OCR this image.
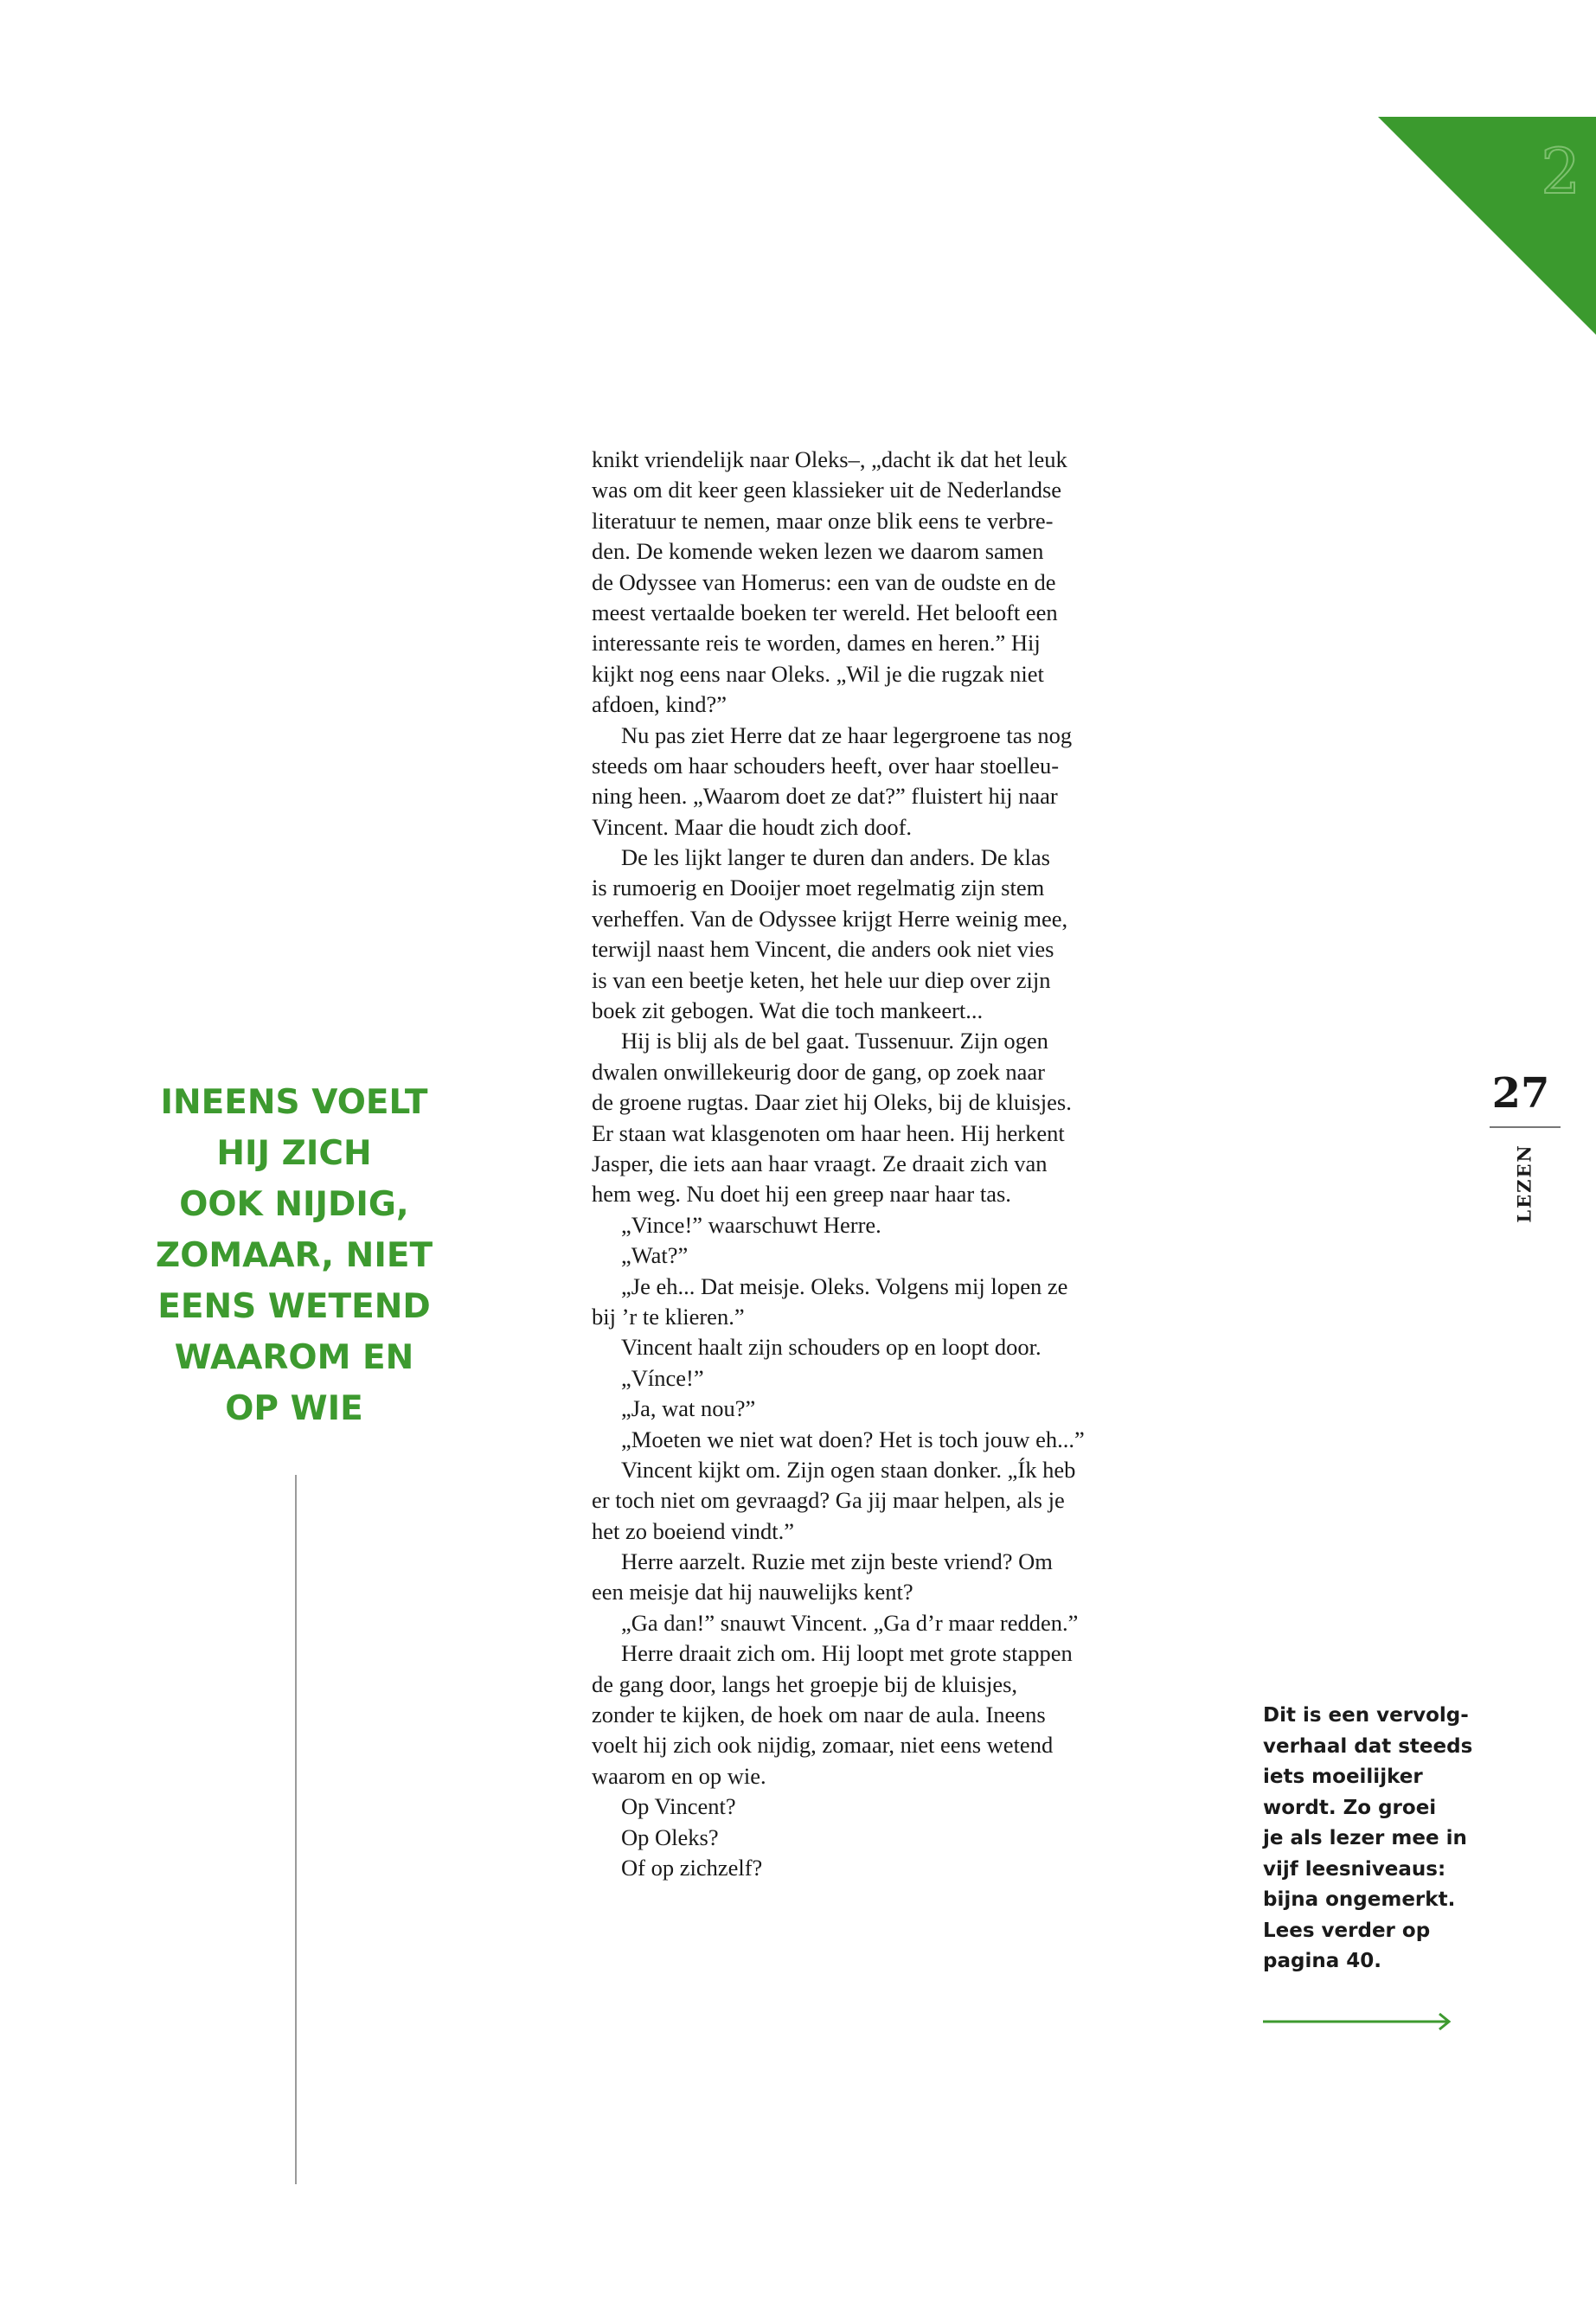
2
INEENS VOELT
HIJ ZICH
OOK NIJDIG,
ZOMAAR, NIET
EENS WETEND
WAAROM EN
OP WIE
knikt vriendelijk naar Oleks–, „dacht ik dat het leuk
was om dit keer geen klassieker uit de Nederlandse
literatuur te nemen, maar onze blik eens te verbre-
den. De komende weken lezen we daarom samen
de Odyssee van Homerus: een van de oudste en de
meest vertaalde boeken ter wereld. Het belooft een
interessante reis te worden, dames en heren.” Hij
kijkt nog eens naar Oleks. „Wil je die rugzak niet
afdoen, kind?”
Nu pas ziet Herre dat ze haar legergroene tas nog
steeds om haar schouders heeft, over haar stoelleu-
ning heen. „Waarom doet ze dat?” fluistert hij naar
Vincent. Maar die houdt zich doof.
De les lijkt langer te duren dan anders. De klas
is rumoerig en Dooijer moet regelmatig zijn stem
verheffen. Van de Odyssee krijgt Herre weinig mee,
terwijl naast hem Vincent, die anders ook niet vies
is van een beetje keten, het hele uur diep over zijn
boek zit gebogen. Wat die toch mankeert...
Hij is blij als de bel gaat. Tussenuur. Zijn ogen
dwalen onwillekeurig door de gang, op zoek naar
de groene rugtas. Daar ziet hij Oleks, bij de kluisjes.
Er staan wat klasgenoten om haar heen. Hij herkent
Jasper, die iets aan haar vraagt. Ze draait zich van
hem weg. Nu doet hij een greep naar haar tas.
„Vince!” waarschuwt Herre.
„Wat?”
„Je eh... Dat meisje. Oleks. Volgens mij lopen ze
bij ’r te klieren.”
Vincent haalt zijn schouders op en loopt door.
„Vínce!”
„Ja, wat nou?”
„Moeten we niet wat doen? Het is toch jouw eh...”
Vincent kijkt om. Zijn ogen staan donker. „Ík heb
er toch niet om gevraagd? Ga jij maar helpen, als je
het zo boeiend vindt.”
Herre aarzelt. Ruzie met zijn beste vriend? Om
een meisje dat hij nauwelijks kent?
„Ga dan!” snauwt Vincent. „Ga d’r maar redden.”
Herre draait zich om. Hij loopt met grote stappen
de gang door, langs het groepje bij de kluisjes,
zonder te kijken, de hoek om naar de aula. Ineens
voelt hij zich ook nijdig, zomaar, niet eens wetend
waarom en op wie.
Op Vincent?
Op Oleks?
Of op zichzelf?
27
LEZEN
Dit is een vervolg-
verhaal dat steeds
iets moeilijker
wordt. Zo groei
je als lezer mee in
vijf leesniveaus:
bijna ongemerkt.
Lees verder op
pagina 40.
